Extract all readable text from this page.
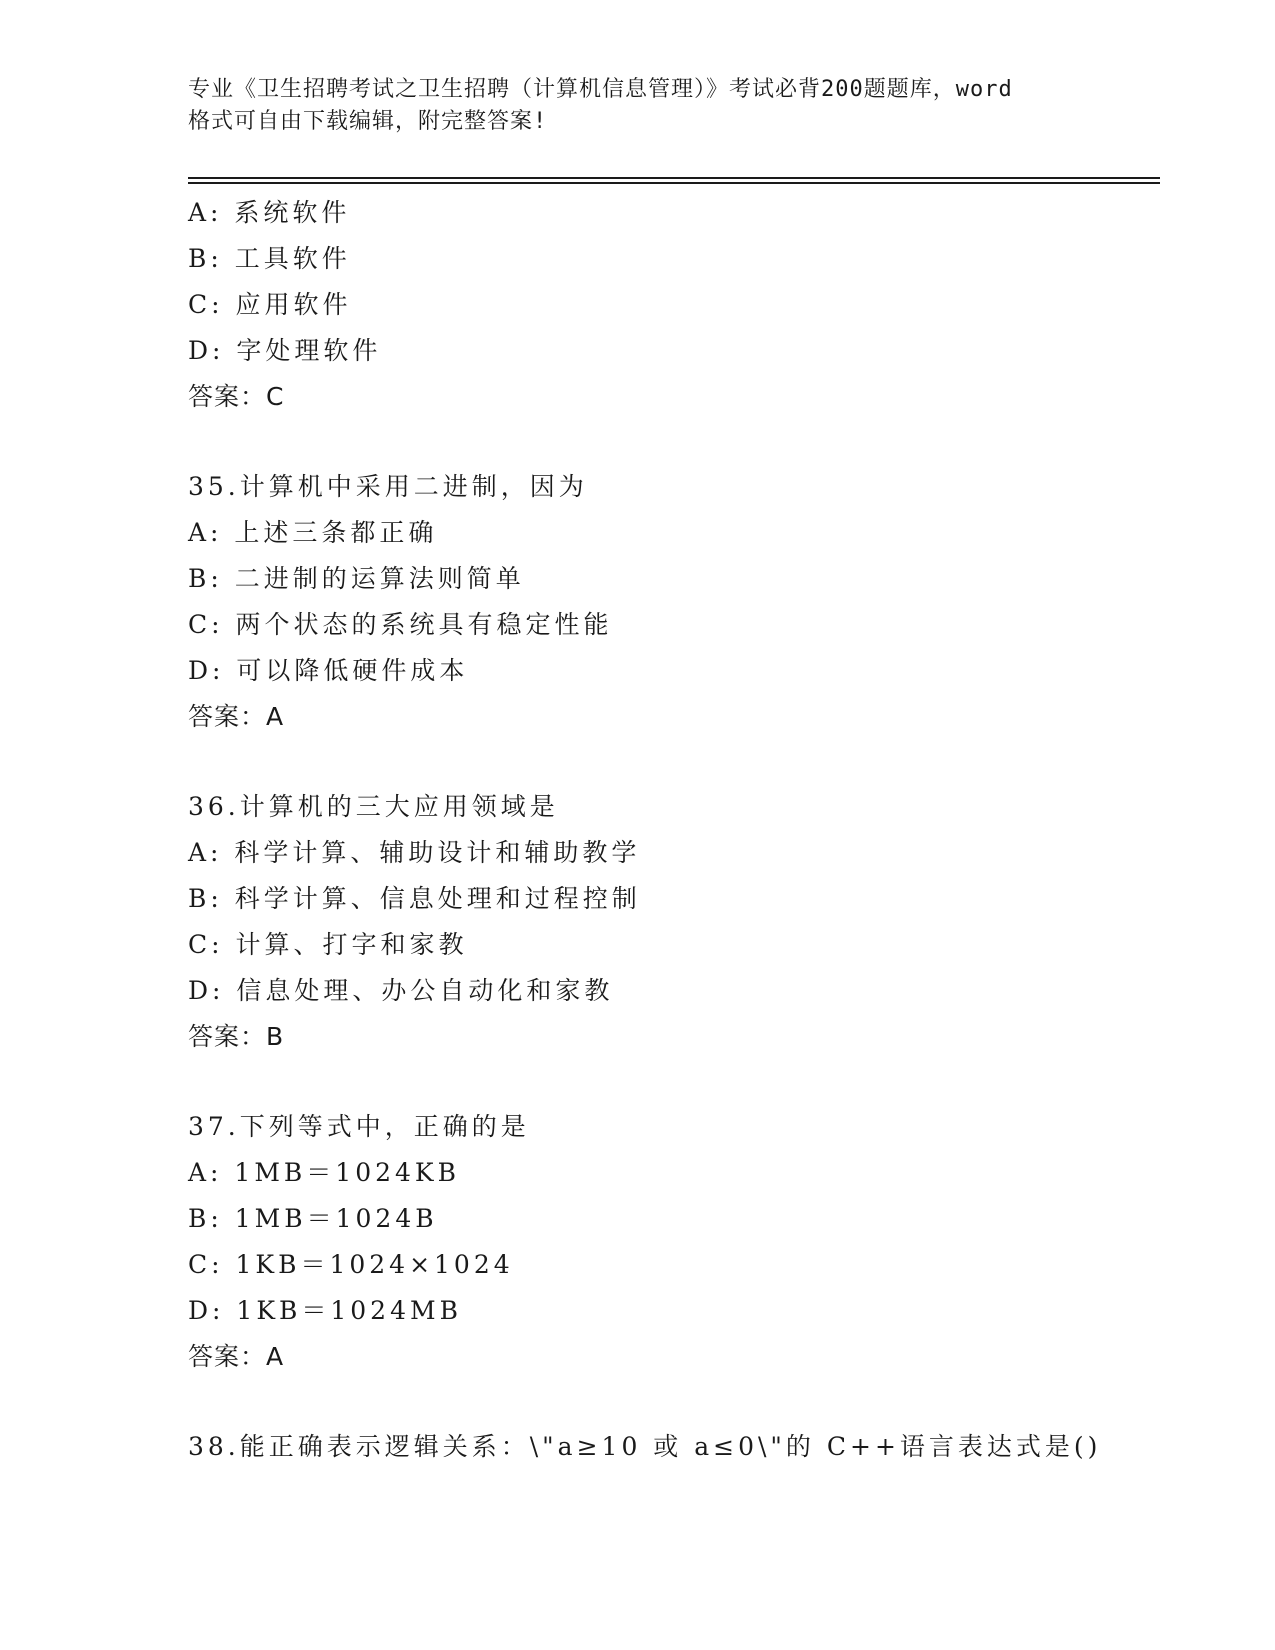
专业《卫生招聘考试之卫生招聘（计算机信息管理）》考试必背200题题库，word
格式可自由下载编辑，附完整答案!
A: 系统软件
B: 工具软件
C: 应用软件
D: 字处理软件
答案：C
35.计算机中采用二进制，因为
A: 上述三条都正确
B: 二进制的运算法则简单
C: 两个状态的系统具有稳定性能
D: 可以降低硬件成本
答案：A
36.计算机的三大应用领域是
A: 科学计算、辅助设计和辅助教学
B: 科学计算、信息处理和过程控制
C: 计算、打字和家教
D: 信息处理、办公自动化和家教
答案：B
37.下列等式中，正确的是
A: 1MB＝1024KB
B: 1MB＝1024B
C: 1KB＝1024×1024
D: 1KB＝1024MB
答案：A
38.能正确表示逻辑关系：\"a≥10 或 a≤0\"的 C++语言表达式是()
